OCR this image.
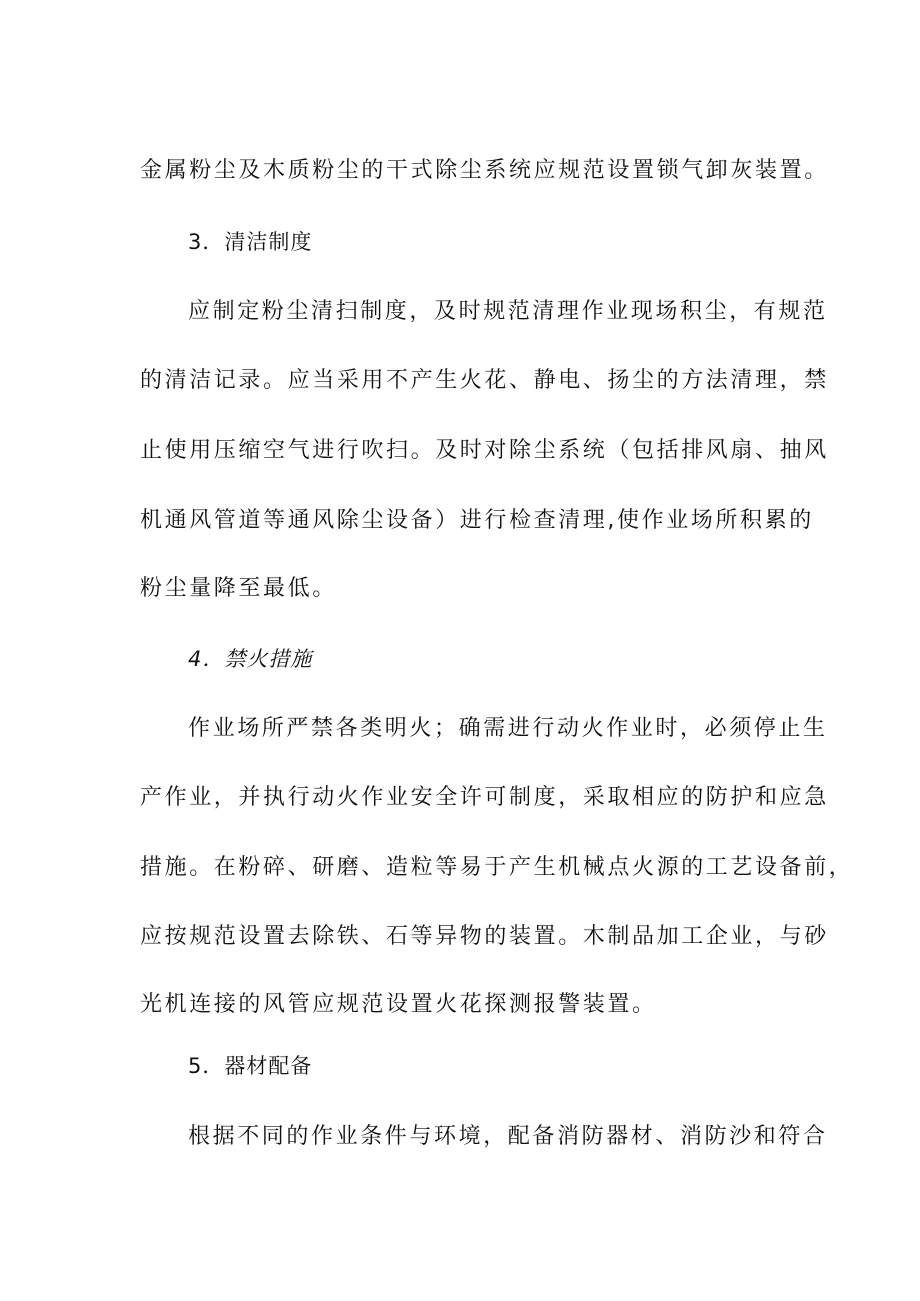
金属粉尘及木质粉尘的干式除尘系统应规范设置锁气卸灰装置。
3．清洁制度
应制定粉尘清扫制度，及时规范清理作业现场积尘，有规范
的清洁记录。应当采用不产生火花、静电、扬尘的方法清理，禁
止使用压缩空气进行吹扫。及时对除尘系统（包括排风扇、抽风
机通风管道等通风除尘设备）进行检查清理,使作业场所积累的
粉尘量降至最低。
4．禁火措施
作业场所严禁各类明火；确需进行动火作业时，必须停止生
产作业，并执行动火作业安全许可制度，采取相应的防护和应急
措施。在粉碎、研磨、造粒等易于产生机械点火源的工艺设备前，
应按规范设置去除铁、石等异物的装置。木制品加工企业，与砂
光机连接的风管应规范设置火花探测报警装置。
5．器材配备
根据不同的作业条件与环境，配备消防器材、消防沙和符合
